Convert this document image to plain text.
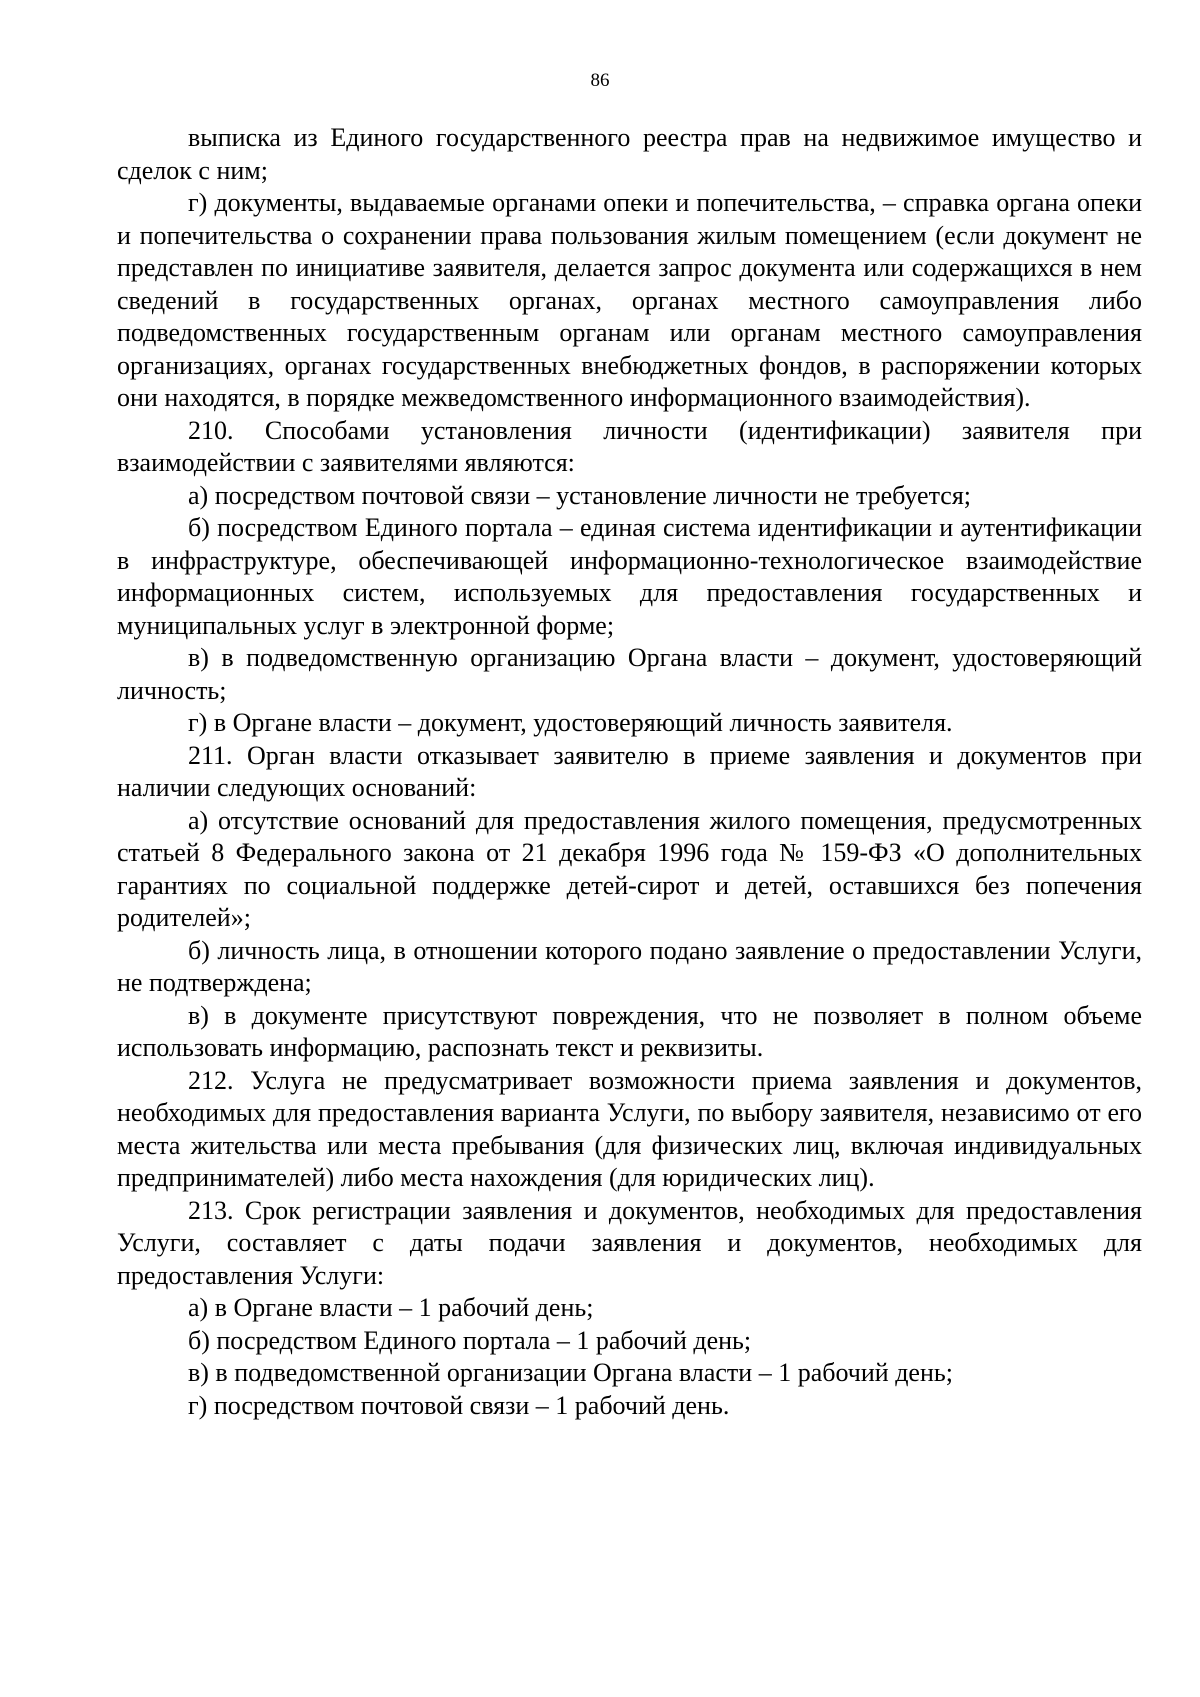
86

выписка из Единого государственного реестра прав на недвижимое имущество и сделок с ним;

г) документы, выдаваемые органами опеки и попечительства, – справка органа опеки и попечительства о сохранении права пользования жилым помещением (если документ не представлен по инициативе заявителя, делается запрос документа или содержащихся в нем сведений в государственных органах, органах местного самоуправления либо подведомственных государственным органам или органам местного самоуправления организациях, органах государственных внебюджетных фондов, в распоряжении которых они находятся, в порядке межведомственного информационного взаимодействия).

210. Способами установления личности (идентификации) заявителя при взаимодействии с заявителями являются:

а) посредством почтовой связи – установление личности не требуется;

б) посредством Единого портала – единая система идентификации и аутентификации в инфраструктуре, обеспечивающей информационно-технологическое взаимодействие информационных систем, используемых для предоставления государственных и муниципальных услуг в электронной форме;

в) в подведомственную организацию Органа власти – документ, удостоверяющий личность;

г) в Органе власти – документ, удостоверяющий личность заявителя.

211. Орган власти отказывает заявителю в приеме заявления и документов при наличии следующих оснований:

а) отсутствие оснований для предоставления жилого помещения, предусмотренных статьей 8 Федерального закона от 21 декабря 1996 года № 159-ФЗ «О дополнительных гарантиях по социальной поддержке детей-сирот и детей, оставшихся без попечения родителей»;

б) личность лица, в отношении которого подано заявление о предоставлении Услуги, не подтверждена;

в) в документе присутствуют повреждения, что не позволяет в полном объеме использовать информацию, распознать текст и реквизиты.

212. Услуга не предусматривает возможности приема заявления и документов, необходимых для предоставления варианта Услуги, по выбору заявителя, независимо от его места жительства или места пребывания (для физических лиц, включая индивидуальных предпринимателей) либо места нахождения (для юридических лиц).

213. Срок регистрации заявления и документов, необходимых для предоставления Услуги, составляет с даты подачи заявления и документов, необходимых для предоставления Услуги:

а) в Органе власти – 1 рабочий день;

б) посредством Единого портала – 1 рабочий день;

в) в подведомственной организации Органа власти – 1 рабочий день;

г) посредством почтовой связи – 1 рабочий день.
